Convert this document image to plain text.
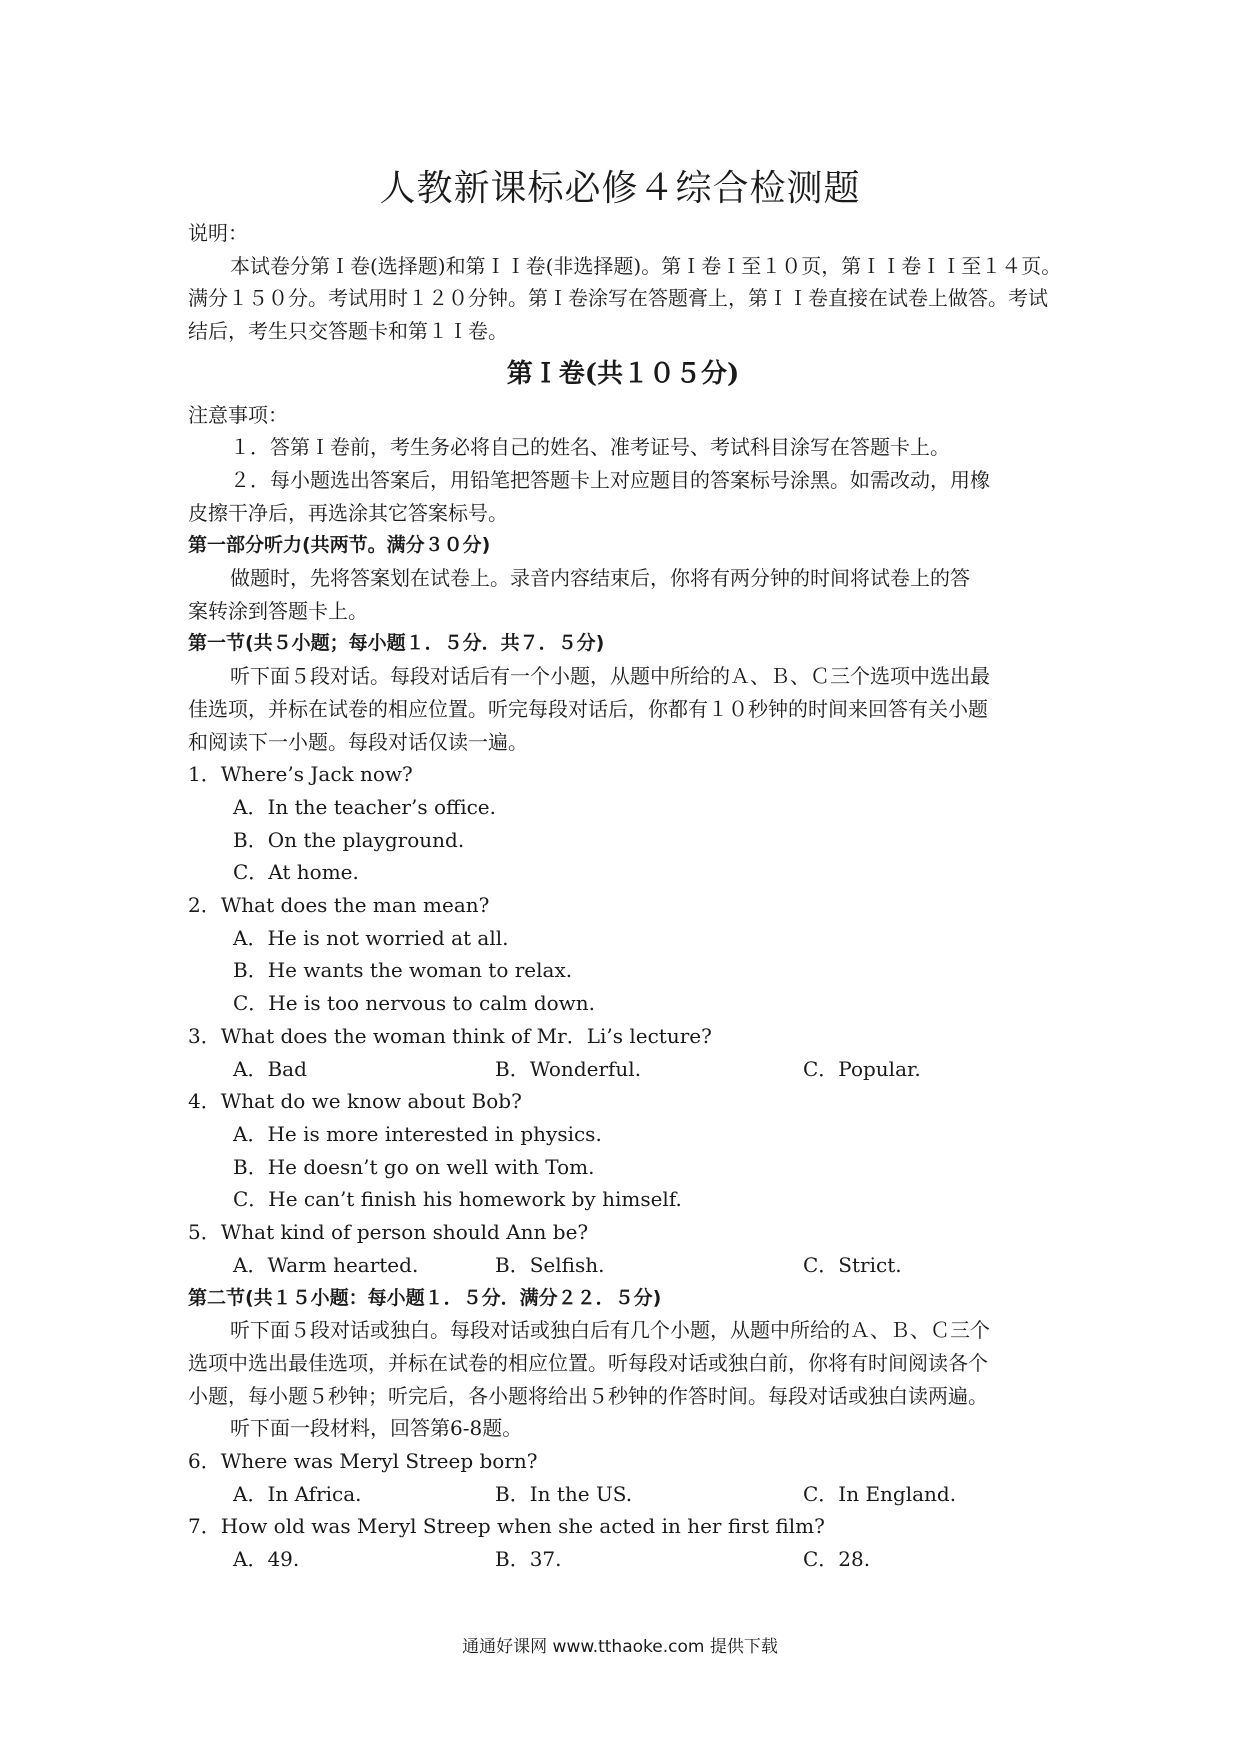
人教新课标必修４综合检测题
说明：
本试卷分第Ｉ卷(选择题)和第ＩＩ卷(非选择题)。第Ｉ卷Ｉ至１０页，第ＩＩ卷ＩＩ至１４页。
满分１５０分。考试用时１２０分钟。第Ｉ卷涂写在答题膏上，第ＩＩ卷直接在试卷上做答。考试
结后，考生只交答题卡和第１Ｉ卷。
第Ｉ卷(共１０５分)
注意事项：
１．答第Ｉ卷前，考生务必将自己的姓名、准考证号、考试科目涂写在答题卡上。
２．每小题选出答案后，用铅笔把答题卡上对应题目的答案标号涂黑。如需改动，用橡
皮擦干净后，再选涂其它答案标号。
第一部分听力(共两节。满分３０分)
做题时，先将答案划在试卷上。录音内容结束后，你将有两分钟的时间将试卷上的答
案转涂到答题卡上。
第一节(共５小题；每小题１．５分．共７．５分)
听下面５段对话。每段对话后有一个小题，从题中所给的Ａ、Ｂ、Ｃ三个选项中选出最
佳选项，并标在试卷的相应位置。听完每段对话后，你都有１０秒钟的时间来回答有关小题
和阅读下一小题。每段对话仅读一遍。
1．Where’s Jack now?
A．In the teacher’s office.
B．On the playground.
C．At home.
2．What does the man mean?
A．He is not worried at all.
B．He wants the woman to relax.
C．He is too nervous to calm down.
3．What does the woman think of Mr．Li’s lecture?
A．Bad	B．Wonderful.	C．Popular.
4．What do we know about Bob?
A．He is more interested in physics.
B．He doesn’t go on well with Tom.
C．He can’t finish his homework by himself.
5．What kind of person should Ann be?
A．Warm hearted.	B．Selfish.	C．Strict.
第二节(共１５小题：每小题１．５分．满分２２．５分)
听下面５段对话或独白。每段对话或独白后有几个小题，从题中所给的Ａ、Ｂ、Ｃ三个
选项中选出最佳选项，并标在试卷的相应位置。听每段对话或独白前，你将有时间阅读各个
小题，每小题５秒钟；听完后，各小题将给出５秒钟的作答时间。每段对话或独白读两遍。
听下面一段材料，回答第6-8题。
6．Where was Meryl Streep born?
A．In Africa.	B．In the US.	C．In England.
7．How old was Meryl Streep when she acted in her first film?
A．49.	B．37.	C．28.
通通好课网 www.tthaoke.com 提供下载
